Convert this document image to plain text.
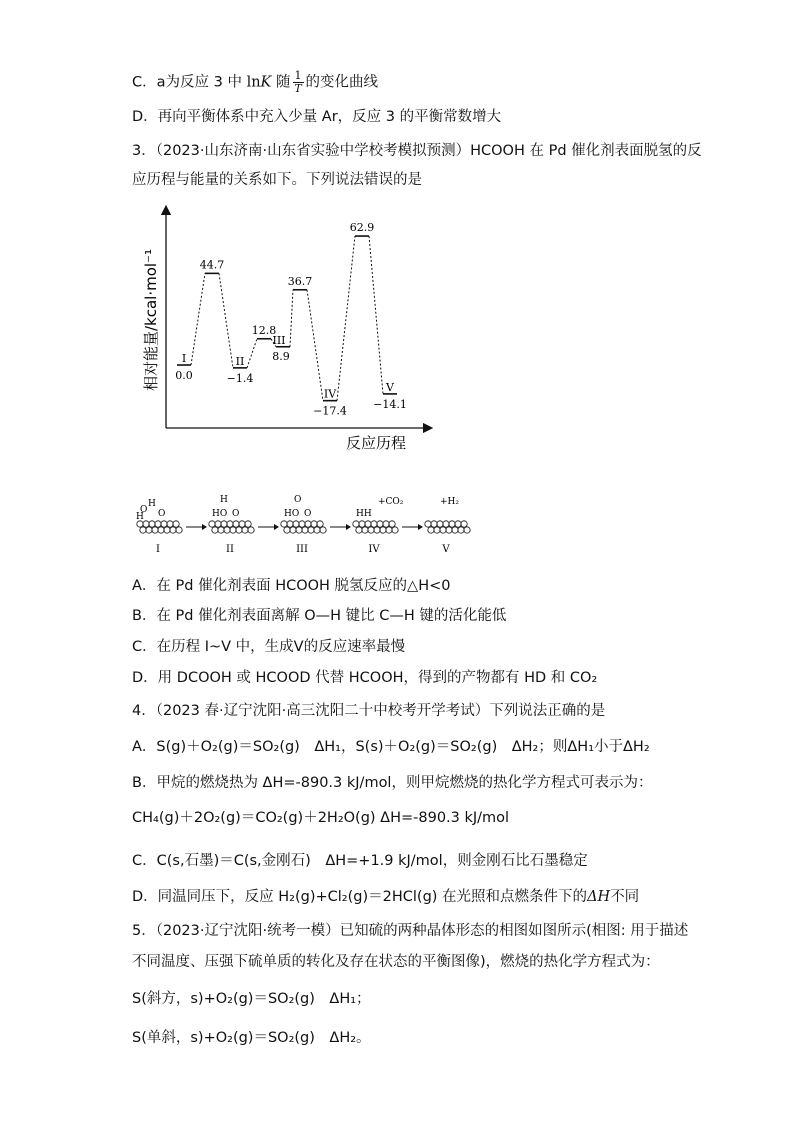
C．a为反应 3 中 lnK 随 $\frac{1}{T}$ 的变化曲线
D．再向平衡体系中充入少量 Ar，反应 3 的平衡常数增大
3．（2023·山东济南·山东省实验中学校考模拟预测）HCOOH 在 Pd 催化剂表面脱氢的反
应历程与能量的关系如下。下列说法错误的是
相对能量/kcal·mol⁻¹
反应历程
0.0
I
44.7
−1.4
II
12.8
8.9
III
36.7
−17.4
IV
62.9
−14.1
V
I	II	III	IV	V
H
O O
H
H
HO O
O
HO O	HH
+CO₂	+H₂
A．在 Pd 催化剂表面 HCOOH 脱氢反应的△H<0
B．在 Pd 催化剂表面离解 O—H 键比 C—H 键的活化能低
C．在历程 I~V 中，生成Ⅴ的反应速率最慢
D．用 DCOOH 或 HCOOD 代替 HCOOH，得到的产物都有 HD 和 CO₂
4．（2023 春·辽宁沈阳·高三沈阳二十中校考开学考试）下列说法正确的是
A．S(g)＋O₂(g)＝SO₂(g)　ΔH₁，S(s)＋O₂(g)＝SO₂(g)　ΔH₂；则ΔH₁小于ΔH₂
B．甲烷的燃烧热为 ΔH=-890.3 kJ/mol，则甲烷燃烧的热化学方程式可表示为：
CH₄(g)＋2O₂(g)＝CO₂(g)＋2H₂O(g) ΔH=-890.3 kJ/mol
C．C(s,石墨)＝C(s,金刚石)　ΔH=+1.9 kJ/mol，则金刚石比石墨稳定
D．同温同压下，反应 H₂(g)+Cl₂(g)＝2HCl(g) 在光照和点燃条件下的ΔH不同
5．（2023·辽宁沈阳·统考一模）已知硫的两种晶体形态的相图如图所示(相图: 用于描述
不同温度、压强下硫单质的转化及存在状态的平衡图像)，燃烧的热化学方程式为：
S(斜方，s)+O₂(g)＝SO₂(g)　ΔH₁；
S(单斜，s)+O₂(g)＝SO₂(g)　ΔH₂。
